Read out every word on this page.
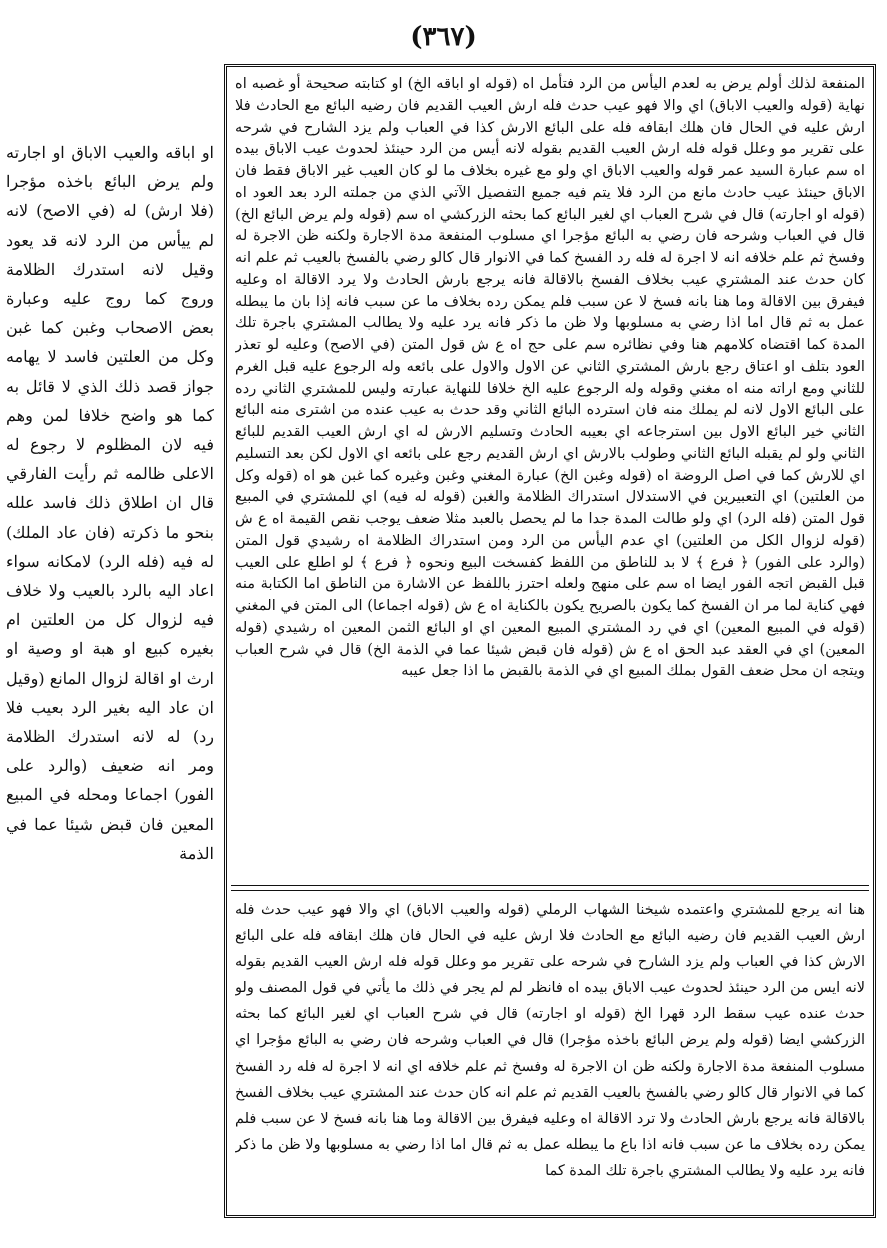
(٣٦٧)
او اباقه والعيب الاباق او اجارته ولم يرض البائع باخذه مؤجرا (فلا ارش) له (في الاصح) لانه لم ييأس من الرد لانه قد يعود وقيل لانه استدرك الظلامة وروج كما روج عليه وعبارة بعض الاصحاب وغبن كما غبن وكل من العلتين فاسد لا يهامه جواز قصد ذلك الذي لا قائل به كما هو واضح خلافا لمن وهم فيه لان المظلوم لا رجوع له الاعلى ظالمه ثم رأيت الفارقي قال ان اطلاق ذلك فاسد علله بنحو ما ذكرته (فان عاد الملك) له فيه (فله الرد) لامكانه سواء اعاد اليه بالرد بالعيب ولا خلاف فيه لزوال كل من العلتين ام بغيره كبيع او هبة او وصية او ارث او اقالة لزوال المانع (وقيل ان عاد اليه بغير الرد بعيب فلا رد) له لانه استدرك الظلامة ومر انه ضعيف (والرد على الفور) اجماعا ومحله في المبيع المعين فان قبض شيئا عما في الذمة
المنفعة لذلك أولم يرض به لعدم اليأس من الرد فتأمل اه (قوله او اباقه الخ) او كتابته صحيحة أو غصبه اه نهاية (قوله والعيب الاباق) اي والا فهو عيب حدث فله ارش العيب القديم فان رضيه البائع مع الحادث فلا ارش عليه في الحال فان هلك ابقافه فله على البائع الارش كذا في العباب ولم يزد الشارح في شرحه على تقرير مو وعلل قوله فله ارش العيب القديم بقوله لانه أيس من الرد حينئذ لحدوث عيب الاباق بيده اه سم عبارة السيد عمر قوله والعيب الاباق اي ولو مع غيره بخلاف ما لو كان العيب غير الاباق فقط فان الاباق حينئذ عيب حادث مانع من الرد فلا يتم فيه جميع التفصيل الآتي الذي من جملته الرد بعد العود اه (قوله او اجارته) قال في شرح العباب اي لغير البائع كما بحثه الزركشي اه سم (قوله ولم يرض البائع الخ) قال في العباب وشرحه فان رضي به البائع مؤجرا اي مسلوب المنفعة مدة الاجارة ولكنه ظن الاجرة له وفسخ ثم علم خلافه انه لا اجرة له فله رد الفسخ كما في الانوار قال كالو رضي بالفسخ بالعيب ثم علم انه كان حدث عند المشتري عيب بخلاف الفسخ بالاقالة فانه يرجع بارش الحادث ولا يرد الاقالة اه وعليه فيفرق بين الاقالة وما هنا بانه فسخ لا عن سبب فلم يمكن رده بخلاف ما عن سبب فانه إذا بان ما يبطله عمل به ثم قال اما اذا رضي به مسلوبها ولا ظن ما ذكر فانه يرد عليه ولا يطالب المشتري باجرة تلك المدة كما اقتضاه كلامهم هنا وفي نظائره سم على حج اه ع ش قول المتن (في الاصح) وعليه لو تعذر العود بتلف او اعتاق رجع بارش المشتري الثاني عن الاول والاول على بائعه وله الرجوع عليه قبل الغرم للثاني ومع اراته منه اه مغني وقوله وله الرجوع عليه الخ خلافا للنهاية عبارته وليس للمشتري الثاني رده على البائع الاول لانه لم يملك منه فان استرده البائع الثاني وقد حدث به عيب عنده من اشترى منه البائع الثاني خير البائع الاول بين استرجاعه اي بعيبه الحادث وتسليم الارش له اي ارش العيب القديم للبائع الثاني ولو لم يقبله البائع الثاني وطولب بالارش اي ارش القديم رجع على بائعه اي الاول لكن بعد التسليم اي للارش كما في اصل الروضة اه (قوله وغبن الخ) عبارة المغني وغبن وغيره كما غبن هو اه (قوله وكل من العلتين) اي التعبيرين في الاستدلال استدراك الظلامة والغبن (قوله له فيه) اي للمشتري في المبيع قول المتن (فله الرد) اي ولو طالت المدة جدا ما لم يحصل بالعبد مثلا ضعف يوجب نقص القيمة اه ع ش (قوله لزوال الكل من العلتين) اي عدم اليأس من الرد ومن استدراك الظلامة اه رشيدي قول المتن (والرد على الفور) ﴿ فرع ﴾ لا بد للناطق من اللفظ كفسخت البيع ونحوه ﴿ فرع ﴾ لو اطلع على العيب قبل القبض اتجه الفور ايضا اه سم على منهج ولعله احترز باللفظ عن الاشارة من الناطق اما الكتابة منه فهي كناية لما مر ان الفسخ كما يكون بالصريح يكون بالكناية اه ع ش (قوله اجماعا) الى المتن في المغني (قوله في المبيع المعين) اي في رد المشتري المبيع المعين اي او البائع الثمن المعين اه رشيدي (قوله المعين) اي في العقد عبد الحق اه ع ش (قوله فان قبض شيئا عما في الذمة الخ) قال في شرح العباب ويتجه ان محل ضعف القول بملك المبيع اي في الذمة بالقبض ما اذا جعل عيبه
هنا انه يرجع للمشتري واعتمده شيخنا الشهاب الرملي (قوله والعيب الاباق) اي والا فهو عيب حدث فله ارش العيب القديم فان رضيه البائع مع الحادث فلا ارش عليه في الحال فان هلك ابقافه فله على البائع الارش كذا في العباب ولم يزد الشارح في شرحه على تقرير مو وعلل قوله فله ارش العيب القديم بقوله لانه ايس من الرد حينئذ لحدوث عيب الاباق بيده اه فانظر لم لم يجر في ذلك ما يأتي في قول المصنف ولو حدث عنده عيب سقط الرد قهرا الخ (قوله او اجارته) قال في شرح العباب اي لغير البائع كما بحثه الزركشي ايضا (قوله ولم يرض البائع باخذه مؤجرا) قال في العباب وشرحه فان رضي به البائع مؤجرا اي مسلوب المنفعة مدة الاجارة ولكنه ظن ان الاجرة له وفسخ ثم علم خلافه اي انه لا اجرة له فله رد الفسخ كما في الانوار قال كالو رضي بالفسخ بالعيب القديم ثم علم انه كان حدث عند المشتري عيب بخلاف الفسخ بالاقالة فانه يرجع بارش الحادث ولا ترد الاقالة اه وعليه فيفرق بين الاقالة وما هنا بانه فسخ لا عن سبب فلم يمكن رده بخلاف ما عن سبب فانه اذا باع ما يبطله عمل به ثم قال اما اذا رضي به مسلوبها ولا ظن ما ذكر فانه يرد عليه ولا يطالب المشتري باجرة تلك المدة كما
